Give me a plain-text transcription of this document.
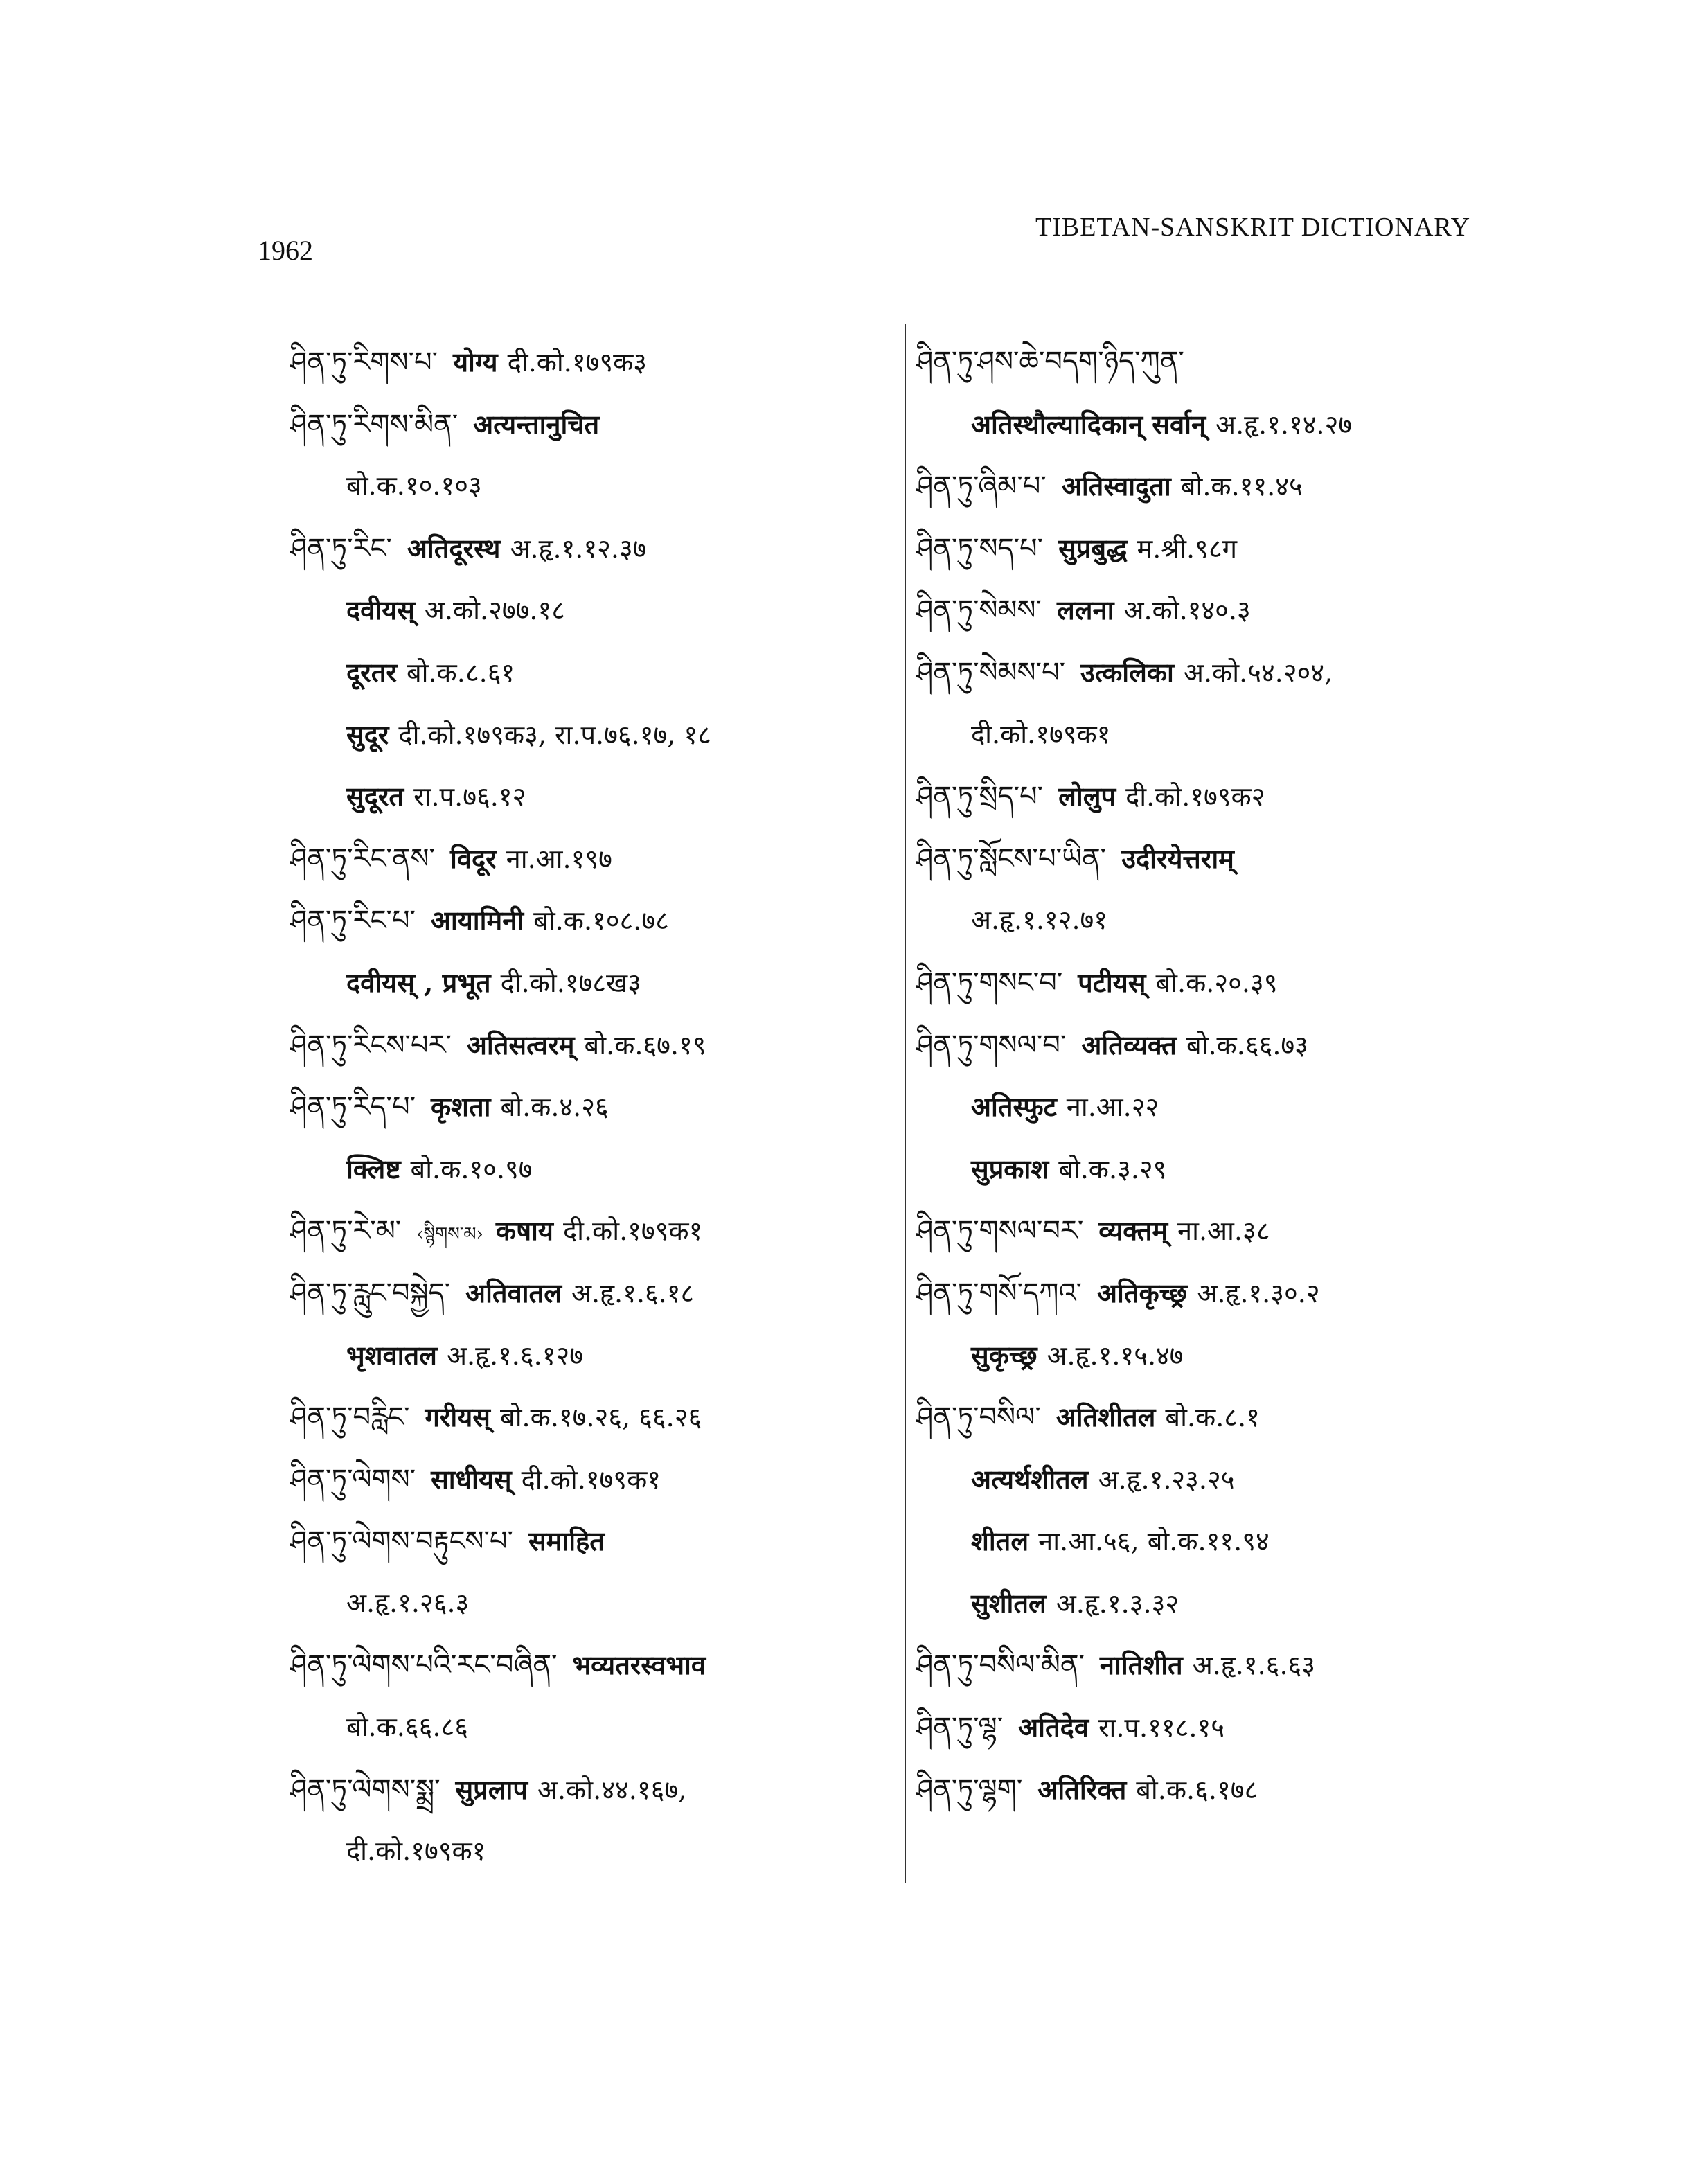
1962
TIBETAN-SANSKRIT DICTIONARY
ཤིན་ཏུ་རིགས་པ་ योग्य दी.को.१७९क३
ཤིན་ཏུ་རིགས་མིན་ अत्यन्तानुचित
बो.क.१०.१०३
ཤིན་ཏུ་རིང་ अतिदूरस्थ अ.हृ.१.१२.३७
दवीयस् अ.को.२७७.१८
दूरतर बो.क.८.६१
सुदूर दी.को.१७९क३, रा.प.७६.१७, १८
सुदूरत रा.प.७६.१२
ཤིན་ཏུ་རིང་ནས་ विदूर ना.आ.१९७
ཤིན་ཏུ་རིང་པ་ आयामिनी बो.क.१०८.७८
दवीयस् , प्रभूत दी.को.१७८ख३
ཤིན་ཏུ་རིངས་པར་ अतिसत्वरम् बो.क.६७.१९
ཤིན་ཏུ་རིད་པ་ कृशता बो.क.४.२६
क्लिष्ट बो.क.१०.९७
ཤིན་ཏུ་རེ་མ་ ‹སྙིགས་མ› कषाय दी.को.१७९क१
ཤིན་ཏུ་རླུང་བསྐྱེད་ अतिवातल अ.हृ.१.६.१८
भृशवातल अ.हृ.१.६.१२७
ཤིན་ཏུ་བརླིང་ गरीयस् बो.क.१७.२६, ६६.२६
ཤིན་ཏུ་ལེགས་ साधीयस् दी.को.१७९क१
ཤིན་ཏུ་ལེགས་བརྟུངས་པ་ समाहित
अ.हृ.१.२६.३
ཤིན་ཏུ་ལེགས་པའི་རང་བཞིན་ भव्यतरस्वभाव
बो.क.६६.८६
ཤིན་ཏུ་ལེགས་སྨྲ་ सुप्रलाप अ.को.४४.१६७,
दी.को.१७९क१
ཤིན་ཏུ་ཤས་ཆེ་བདག་ཉིད་ཀུན་
अतिस्थौल्यादिकान् सर्वान् अ.हृ.१.१४.२७
ཤིན་ཏུ་ཞིམ་པ་ अतिस्वादुता बो.क.११.४५
ཤིན་ཏུ་སད་པ་ सुप्रबुद्ध म.श्री.९८ग
ཤིན་ཏུ་སེམས་ ललना अ.को.१४०.३
ཤིན་ཏུ་སེམས་པ་ उत्कलिका अ.को.५४.२०४,
दी.को.१७९क१
ཤིན་ཏུ་སྲིད་པ་ लोलुप दी.को.१७९क२
ཤིན་ཏུ་སློངས་པ་ཡིན་ उदीरयेत्तराम्
अ.हृ.१.१२.७१
ཤིན་ཏུ་གསང་བ་ पटीयस् बो.क.२०.३९
ཤིན་ཏུ་གསལ་བ་ अतिव्यक्त बो.क.६६.७३
अतिस्फुट ना.आ.२२
सुप्रकाश बो.क.३.२९
ཤིན་ཏུ་གསལ་བར་ व्यक्तम् ना.आ.३८
ཤིན་ཏུ་གསོ་དཀའ་ अतिकृच्छ्र अ.हृ.१.३०.२
सुकृच्छ्र अ.हृ.१.१५.४७
ཤིན་ཏུ་བསིལ་ अतिशीतल बो.क.८.१
अत्यर्थशीतल अ.हृ.१.२३.२५
शीतल ना.आ.५६, बो.क.११.९४
सुशीतल अ.हृ.१.३.३२
ཤིན་ཏུ་བསིལ་མིན་ नातिशीत अ.हृ.१.६.६३
ཤིན་ཏུ་ལྷ་ अतिदेव रा.प.११८.१५
ཤིན་ཏུ་ལྷག་ अतिरिक्त बो.क.६.१७८
